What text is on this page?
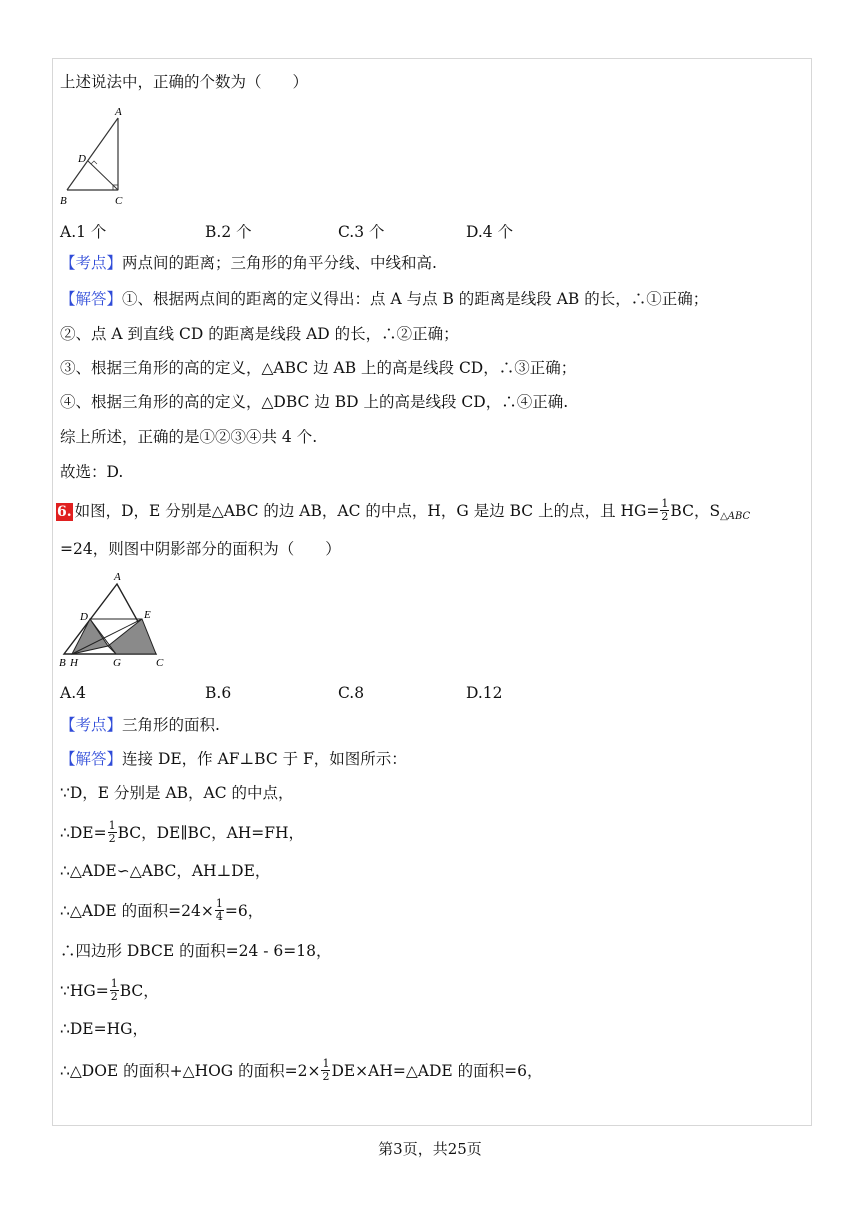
上述说法中，正确的个数为（　　）
A
D
B	C
A.1 个	B.2 个	C.3 个	D.4 个
【考点】两点间的距离；三角形的角平分线、中线和高.
【解答】①、根据两点间的距离的定义得出：点 A 与点 B 的距离是线段 AB 的长，∴①正确；
②、点 A 到直线 CD 的距离是线段 AD 的长，∴②正确；
③、根据三角形的高的定义，△ABC 边 AB 上的高是线段 CD，∴③正确；
④、根据三角形的高的定义，△DBC 边 BD 上的高是线段 CD，∴④正确.
综上所述，正确的是①②③④共 4 个.
故选：D.
6. 如图，D，E 分别是△ABC 的边 AB，AC 的中点，H，G 是边 BC 上的点，且 $HG= \frac{1}{2}$ BC，$S_{\triangle ABC}$
=24，则图中阴影部分的面积为（　　）
A
D	E
B H	G	C
A.4	B.6	C.8	D.12
【考点】三角形的面积.
【解答】连接 DE，作 AF⊥BC 于 F，如图所示：
∵D，E 分别是 AB，AC 的中点，
∴DE= $\frac{1}{2}$ BC，DE∥BC，AH=FH，
∴△ADE∽△ABC，AH⊥DE，
∴△ADE 的面积$=24\times \frac{1}{4} =6$，
∴四边形 DBCE 的面积=24 - 6=18，
∵HG= $\frac{1}{2}$ BC，
∴DE=HG，
∴△DOE 的面积+△HOG 的面积$=2\times \frac{1}{2}$ DE×AH=△ADE 的面积=6，
第3页，共25页
